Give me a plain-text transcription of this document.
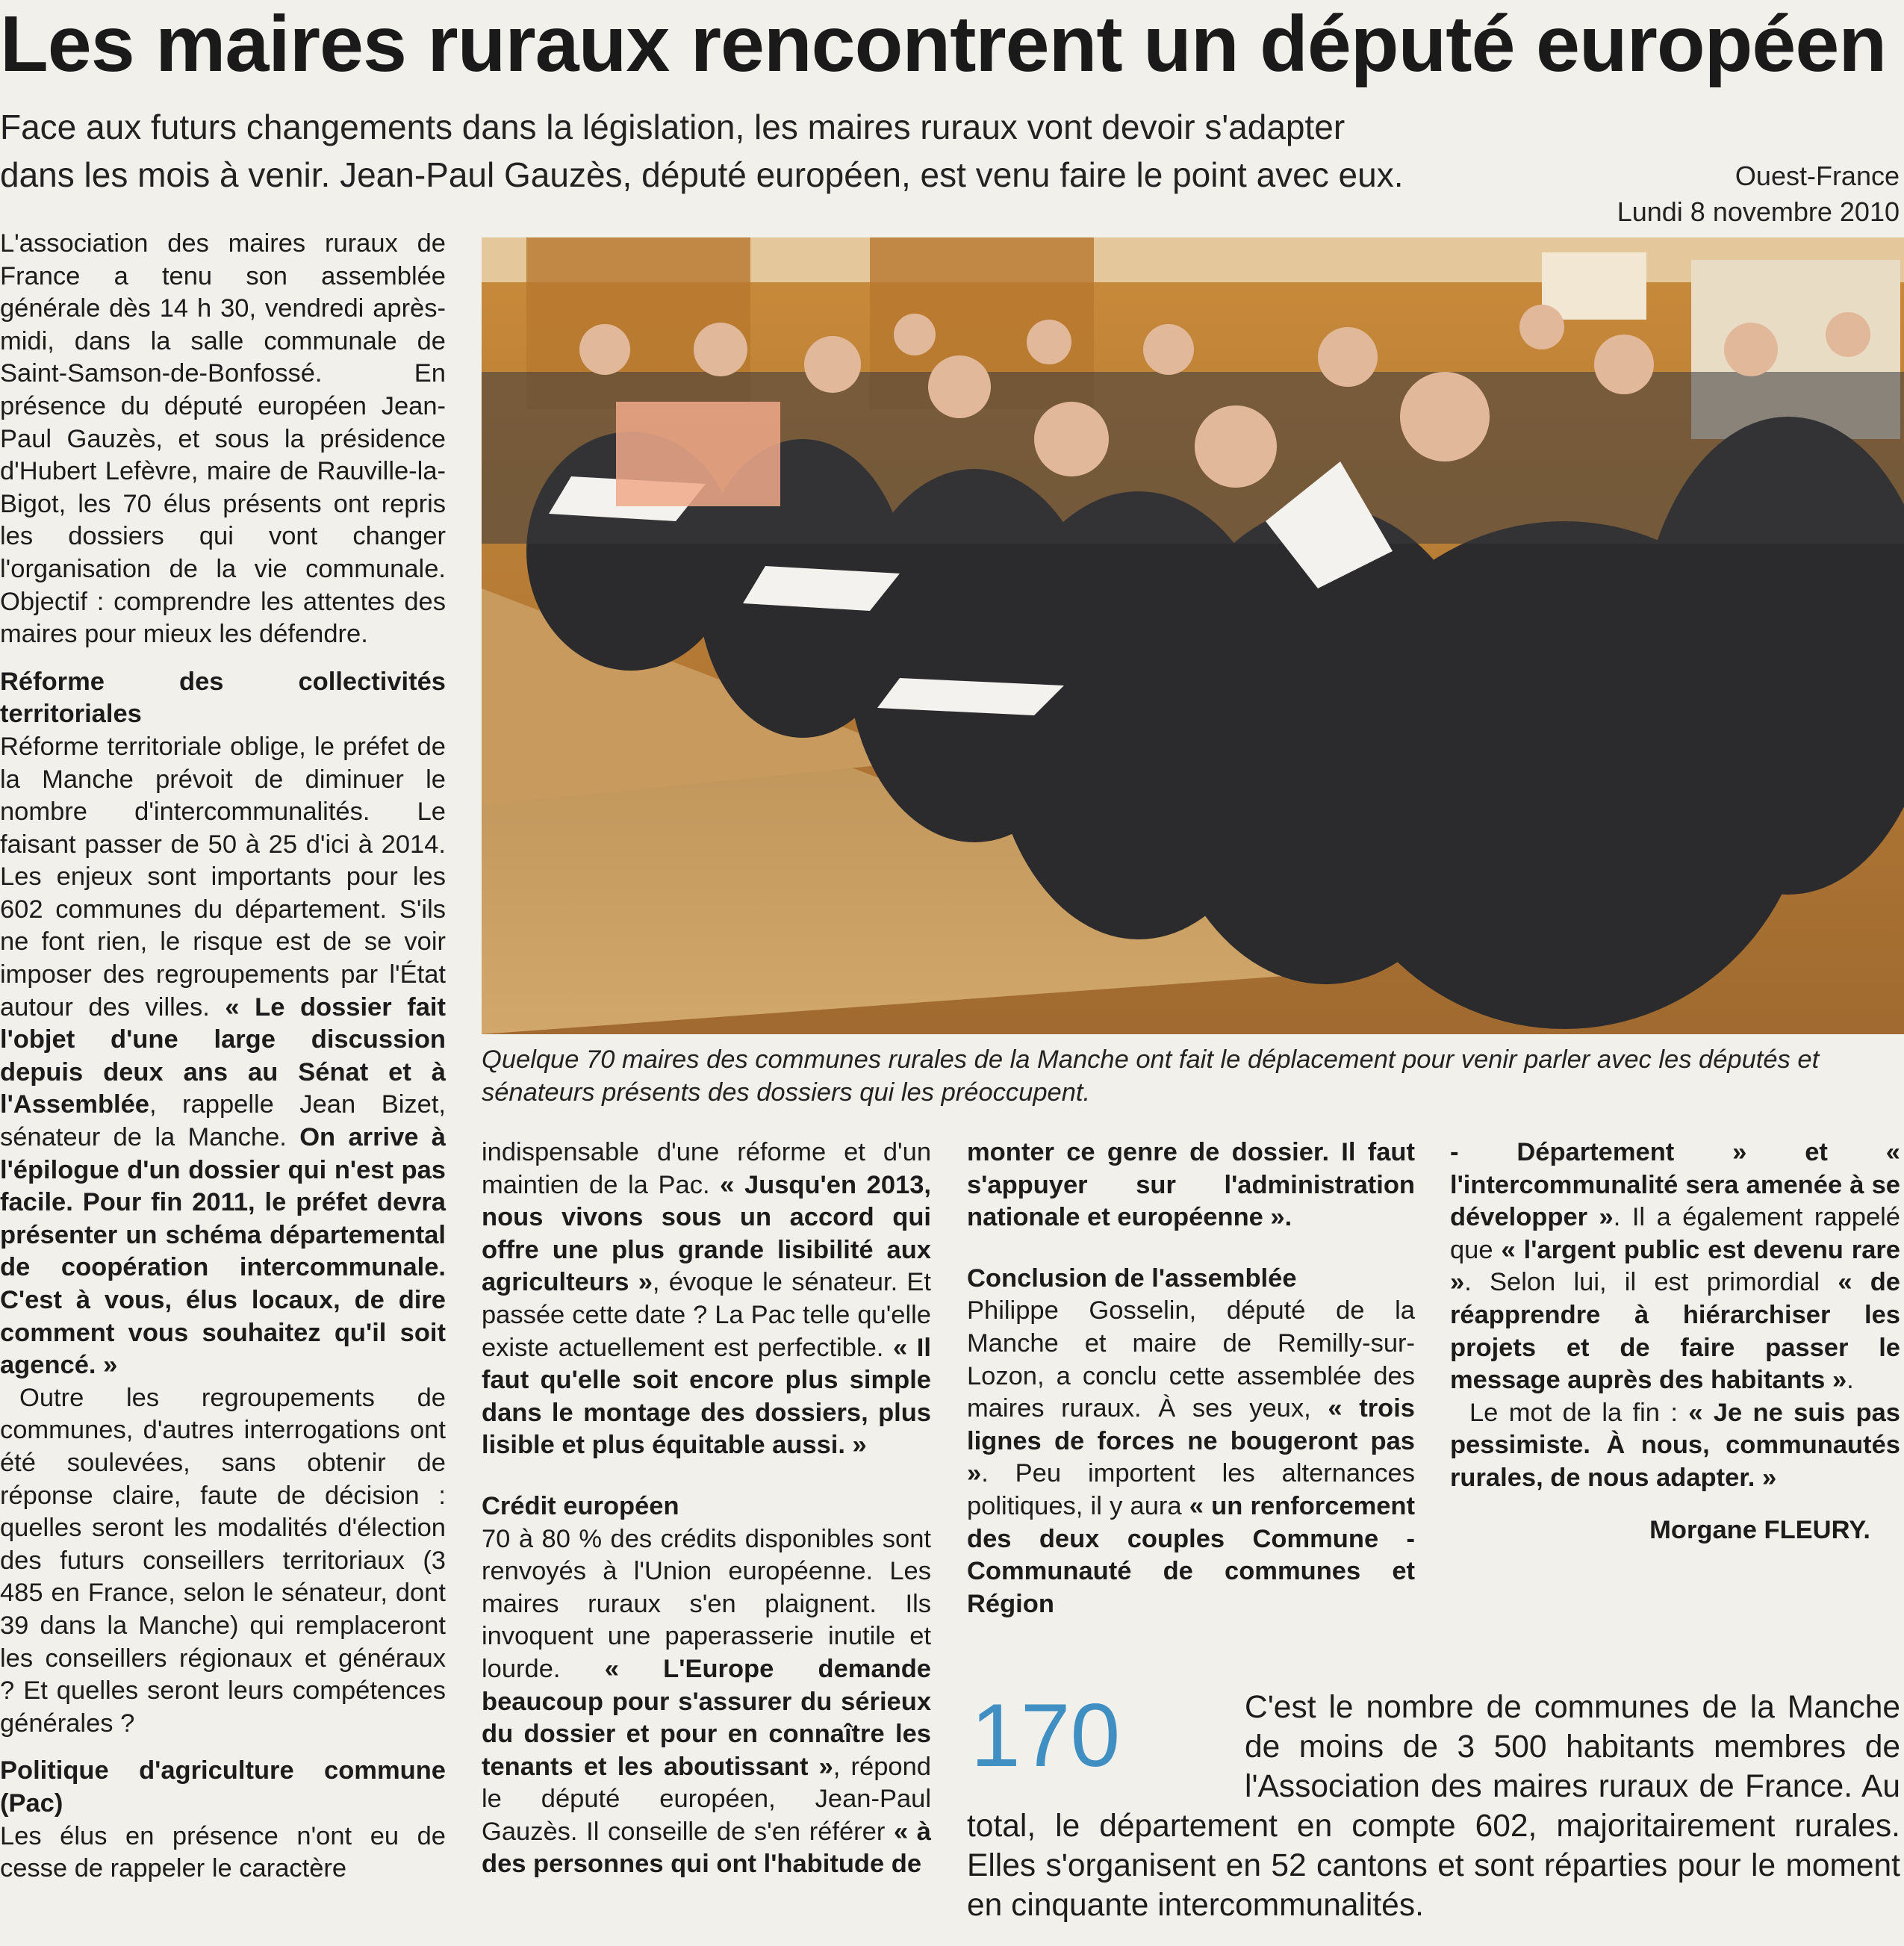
Les maires ruraux rencontrent un député européen
Face aux futurs changements dans la législation, les maires ruraux vont devoir s'adapter
dans les mois à venir. Jean-Paul Gauzès, député européen, est venu faire le point avec eux.	Ouest-France
Lundi 8 novembre 2010

L'association des maires ruraux de France a tenu son assemblée générale dès 14 h 30, vendredi après-midi, dans la salle communale de Saint-Samson-de-Bonfossé. En présence du député européen Jean-Paul Gauzès, et sous la présidence d'Hubert Lefèvre, maire de Rauville-la-Bigot, les 70 élus présents ont repris les dossiers qui vont changer l'organisation de la vie communale. Objectif : comprendre les attentes des maires pour mieux les défendre.

Réforme des collectivités territoriales

Réforme territoriale oblige, le préfet de la Manche prévoit de diminuer le nombre d'intercommunalités. Le faisant passer de 50 à 25 d'ici à 2014. Les enjeux sont importants pour les 602 communes du département. S'ils ne font rien, le risque est de se voir imposer des regroupements par l'État autour des villes. « Le dossier fait l'objet d'une large discussion depuis deux ans au Sénat et à l'Assemblée, rappelle Jean Bizet, sénateur de la Manche. On arrive à l'épilogue d'un dossier qui n'est pas facile. Pour fin 2011, le préfet devra présenter un schéma départemental de coopération intercommunale. C'est à vous, élus locaux, de dire comment vous souhaitez qu'il soit agencé. »

Outre les regroupements de communes, d'autres interrogations ont été soulevées, sans obtenir de réponse claire, faute de décision : quelles seront les modalités d'élection des futurs conseillers territoriaux (3 485 en France, selon le sénateur, dont 39 dans la Manche) qui remplaceront les conseillers régionaux et généraux ? Et quelles seront leurs compétences générales ?

Politique d'agriculture commune (Pac)

Les élus en présence n'ont eu de cesse de rappeler le caractère

Quelque 70 maires des communes rurales de la Manche ont fait le déplacement pour venir parler avec les députés et sénateurs présents des dossiers qui les préoccupent.

indispensable d'une réforme et d'un maintien de la Pac. « Jusqu'en 2013, nous vivons sous un accord qui offre une plus grande lisibilité aux agriculteurs », évoque le sénateur. Et passée cette date ? La Pac telle qu'elle existe actuellement est perfectible. « Il faut qu'elle soit encore plus simple dans le montage des dossiers, plus lisible et plus équitable aussi. »

Crédit européen

70 à 80 % des crédits disponibles sont renvoyés à l'Union européenne. Les maires ruraux s'en plaignent. Ils invoquent une paperasserie inutile et lourde. « L'Europe demande beaucoup pour s'assurer du sérieux du dossier et pour en connaître les tenants et les aboutissant », répond le député européen, Jean-Paul Gauzès. Il conseille de s'en référer « à des personnes qui ont l'habitude de

monter ce genre de dossier. Il faut s'appuyer sur l'administration nationale et européenne ».

Conclusion de l'assemblée

Philippe Gosselin, député de la Manche et maire de Remilly-sur-Lozon, a conclu cette assemblée des maires ruraux. À ses yeux, « trois lignes de forces ne bougeront pas ». Peu importent les alternances politiques, il y aura « un renforcement des deux couples Commune - Communauté de communes et Région

- Département » et « l'intercommunalité sera amenée à se développer ». Il a également rappelé que « l'argent public est devenu rare ». Selon lui, il est primordial « de réapprendre à hiérarchiser les projets et de faire passer le message auprès des habitants ».

Le mot de la fin : « Je ne suis pas pessimiste. À nous, communautés rurales, de nous adapter. »

Morgane FLEURY.

170	C'est le nombre de communes de la Manche de moins de 3 500 habitants membres de l'Association des maires ruraux de France. Au total, le département en compte 602, majoritairement rurales. Elles s'organisent en 52 cantons et sont réparties pour le moment en cinquante intercommunalités.
